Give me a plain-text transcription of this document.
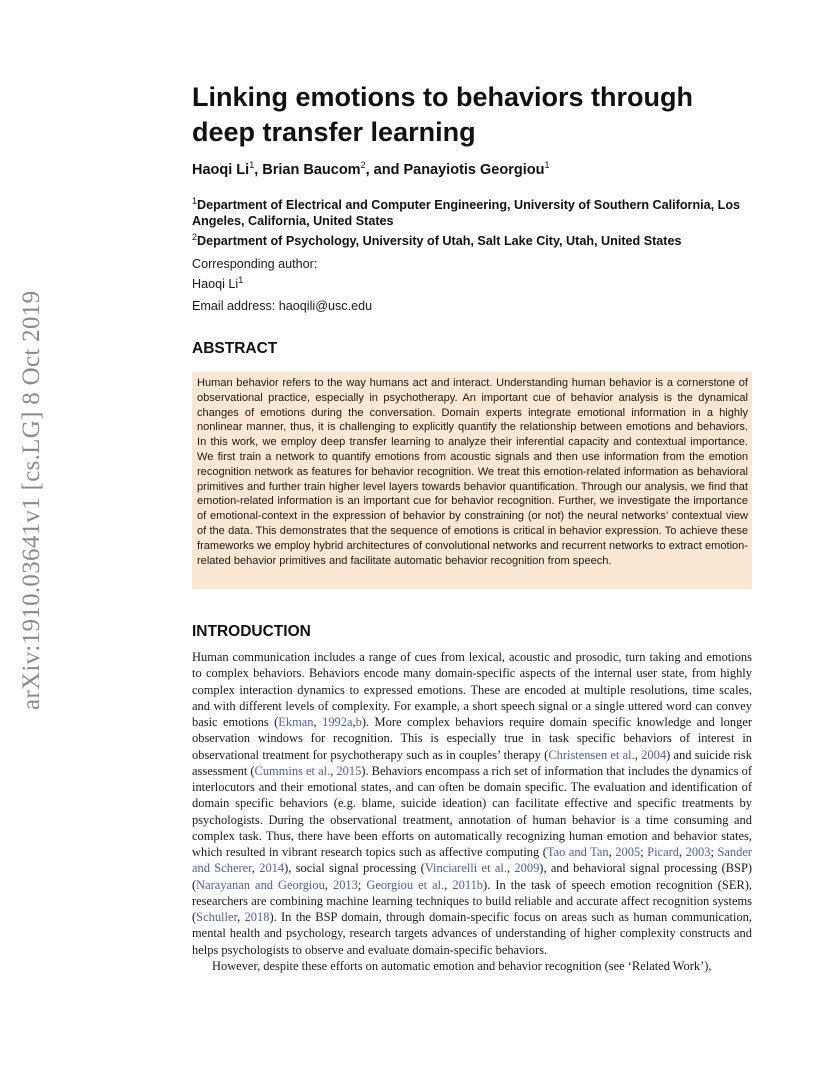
arXiv:1910.03641v1 [cs.LG] 8 Oct 2019
Linking emotions to behaviors through deep transfer learning
Haoqi Li$^1$, Brian Baucom$^2$, and Panayiotis Georgiou$^1$
$^1$Department of Electrical and Computer Engineering, University of Southern California, Los Angeles, California, United States
$^2$Department of Psychology, University of Utah, Salt Lake City, Utah, United States
Corresponding author:
Haoqi Li$^1$
Email address: haoqili@usc.edu
ABSTRACT
Human behavior refers to the way humans act and interact. Understanding human behavior is a cornerstone of observational practice, especially in psychotherapy. An important cue of behavior analysis is the dynamical changes of emotions during the conversation. Domain experts integrate emotional information in a highly nonlinear manner, thus, it is challenging to explicitly quantify the relationship between emotions and behaviors. In this work, we employ deep transfer learning to analyze their inferential capacity and contextual importance. We first train a network to quantify emotions from acoustic signals and then use information from the emotion recognition network as features for behavior recognition. We treat this emotion-related information as behavioral primitives and further train higher level layers towards behavior quantification. Through our analysis, we find that emotion-related information is an important cue for behavior recognition. Further, we investigate the importance of emotional-context in the expression of behavior by constraining (or not) the neural networks’ contextual view of the data. This demonstrates that the sequence of emotions is critical in behavior expression. To achieve these frameworks we employ hybrid architectures of convolutional networks and recurrent networks to extract emotion-related behavior primitives and facilitate automatic behavior recognition from speech.
INTRODUCTION

Human communication includes a range of cues from lexical, acoustic and prosodic, turn taking and emotions to complex behaviors. Behaviors encode many domain-specific aspects of the internal user state, from highly complex interaction dynamics to expressed emotions. These are encoded at multiple resolutions, time scales, and with different levels of complexity. For example, a short speech signal or a single uttered word can convey basic emotions (Ekman, 1992a,b). More complex behaviors require domain specific knowledge and longer observation windows for recognition. This is especially true in task specific behaviors of interest in observational treatment for psychotherapy such as in couples’ therapy (Christensen et al., 2004) and suicide risk assessment (Cummins et al., 2015). Behaviors encompass a rich set of information that includes the dynamics of interlocutors and their emotional states, and can often be domain specific. The evaluation and identification of domain specific behaviors (e.g. blame, suicide ideation) can facilitate effective and specific treatments by psychologists. During the observational treatment, annotation of human behavior is a time consuming and complex task. Thus, there have been efforts on automatically recognizing human emotion and behavior states, which resulted in vibrant research topics such as affective computing (Tao and Tan, 2005; Picard, 2003; Sander and Scherer, 2014), social signal processing (Vinciarelli et al., 2009), and behavioral signal processing (BSP) (Narayanan and Georgiou, 2013; Georgiou et al., 2011b). In the task of speech emotion recognition (SER), researchers are combining machine learning techniques to build reliable and accurate affect recognition systems (Schuller, 2018). In the BSP domain, through domain-specific focus on areas such as human communication, mental health and psychology, research targets advances of understanding of higher complexity constructs and helps psychologists to observe and evaluate domain-specific behaviors.

However, despite these efforts on automatic emotion and behavior recognition (see ‘Related Work’),
